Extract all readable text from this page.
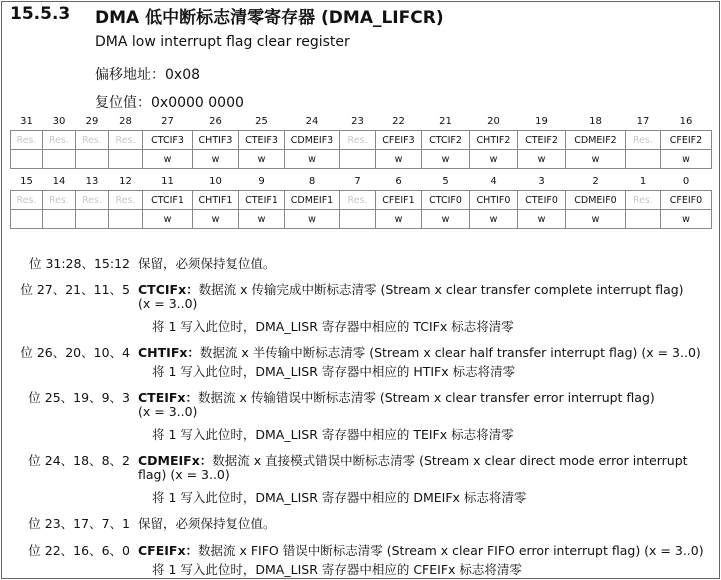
15.5.3 DMA 低中断标志清零寄存器 (DMA_LIFCR)
DMA low interrupt flag clear register
偏移地址：0x08
复位值：0x0000 0000
31	30	29	28	27	26	25	24	23	22	21	20	19	18	17	16
Res.	Res.	Res.	Res.	CTCIF3	CHTIF3	CTEIF3	CDMEIF3	Res.	CFEIF3	CTCIF2	CHTIF2	CTEIF2	CDMEIF2	Res.	CFEIF2
				w	w	w	w		w	w	w	w	w		w
15	14	13	12	11	10	9	8	7	6	5	4	3	2	1	0
Res.	Res.	Res.	Res.	CTCIF1	CHTIF1	CTEIF1	CDMEIF1	Res.	CFEIF1	CTCIF0	CHTIF0	CTEIF0	CDMEIF0	Res.	CFEIF0
				w	w	w	w		w	w	w	w	w		w
位 31:28、15:12 保留，必须保持复位值。
位 27、21、11、5 CTCIFx：数据流 x 传输完成中断标志清零 (Stream x clear transfer complete interrupt flag)
(x = 3..0)
将 1 写入此位时，DMA_LISR 寄存器中相应的 TCIFx 标志将清零
位 26、20、10、4 CHTIFx：数据流 x 半传输中断标志清零 (Stream x clear half transfer interrupt flag) (x = 3..0)
将 1 写入此位时，DMA_LISR 寄存器中相应的 HTIFx 标志将清零
位 25、19、9、3 CTEIFx：数据流 x 传输错误中断标志清零 (Stream x clear transfer error interrupt flag)
(x = 3..0)
将 1 写入此位时，DMA_LISR 寄存器中相应的 TEIFx 标志将清零
位 24、18、8、2 CDMEIFx：数据流 x 直接模式错误中断标志清零 (Stream x clear direct mode error interrupt
flag) (x = 3..0)
将 1 写入此位时，DMA_LISR 寄存器中相应的 DMEIFx 标志将清零
位 23、17、7、1 保留，必须保持复位值。
位 22、16、6、0 CFEIFx：数据流 x FIFO 错误中断标志清零 (Stream x clear FIFO error interrupt flag) (x = 3..0)
将 1 写入此位时，DMA_LISR 寄存器中相应的 CFEIFx 标志将清零
